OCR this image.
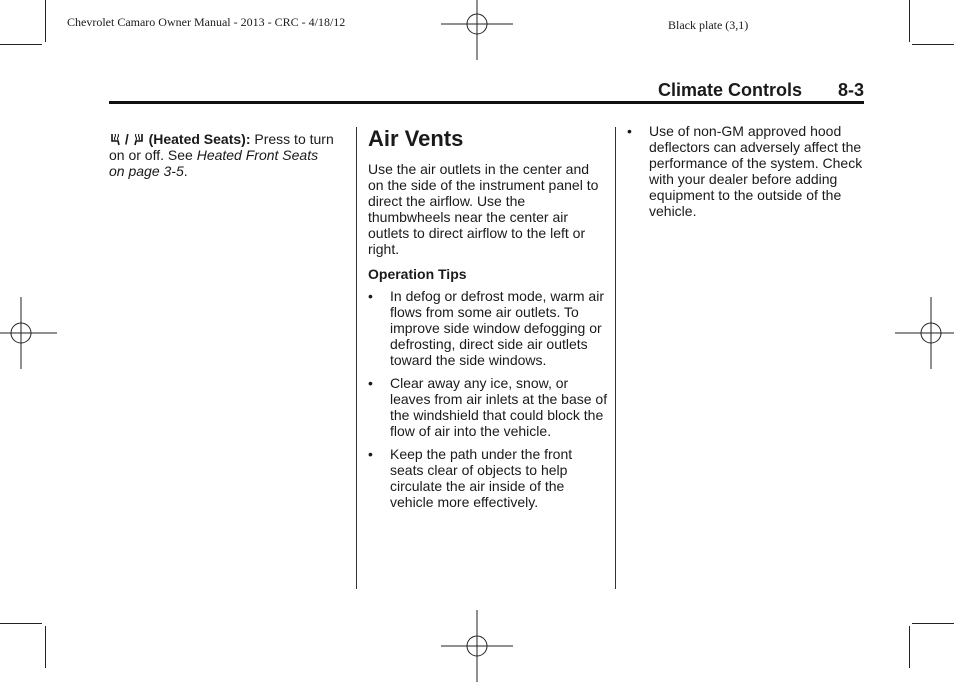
Chevrolet Camaro Owner Manual - 2013 - CRC - 4/18/12	Black plate (3,1)
Climate Controls 8-3
/ (Heated Seats): Press to turn on or off. See Heated Front Seats on page 3-5.
Air Vents

Use the air outlets in the center and on the side of the instrument panel to direct the airflow. Use the thumbwheels near the center air outlets to direct airflow to the left or right.

Operation Tips

• In defog or defrost mode, warm air flows from some air outlets. To improve side window defogging or defrosting, direct side air outlets toward the side windows.
• Clear away any ice, snow, or leaves from air inlets at the base of the windshield that could block the flow of air into the vehicle.
• Keep the path under the front seats clear of objects to help circulate the air inside of the vehicle more effectively.
• Use of non-GM approved hood deflectors can adversely affect the performance of the system. Check with your dealer before adding equipment to the outside of the vehicle.
